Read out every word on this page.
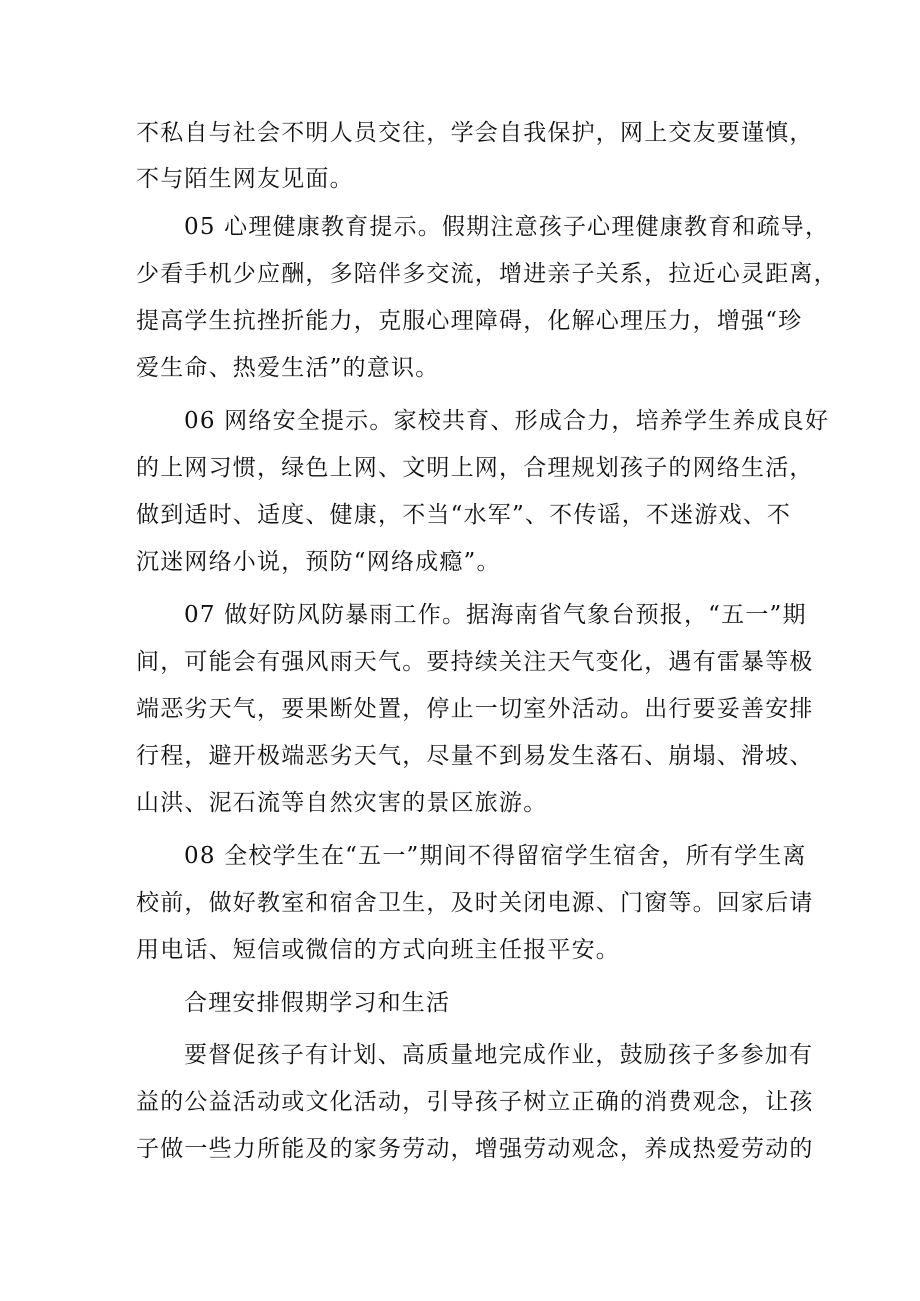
不私自与社会不明人员交往，学会自我保护，网上交友要谨慎，
不与陌生网友见面。
05 心理健康教育提示。假期注意孩子心理健康教育和疏导，
少看手机少应酬，多陪伴多交流，增进亲子关系，拉近心灵距离，
提高学生抗挫折能力，克服心理障碍，化解心理压力，增强“珍
爱生命、热爱生活”的意识。
06 网络安全提示。家校共育、形成合力，培养学生养成良好
的上网习惯，绿色上网、文明上网，合理规划孩子的网络生活，
做到适时、适度、健康，不当“水军”、不传谣，不迷游戏、不
沉迷网络小说，预防“网络成瘾”。
07 做好防风防暴雨工作。据海南省气象台预报，“五一”期
间，可能会有强风雨天气。要持续关注天气变化，遇有雷暴等极
端恶劣天气，要果断处置，停止一切室外活动。出行要妥善安排
行程，避开极端恶劣天气，尽量不到易发生落石、崩塌、滑坡、
山洪、泥石流等自然灾害的景区旅游。
08 全校学生在“五一”期间不得留宿学生宿舍，所有学生离
校前，做好教室和宿舍卫生，及时关闭电源、门窗等。回家后请
用电话、短信或微信的方式向班主任报平安。
合理安排假期学习和生活
要督促孩子有计划、高质量地完成作业，鼓励孩子多参加有
益的公益活动或文化活动，引导孩子树立正确的消费观念，让孩
子做一些力所能及的家务劳动，增强劳动观念，养成热爱劳动的
